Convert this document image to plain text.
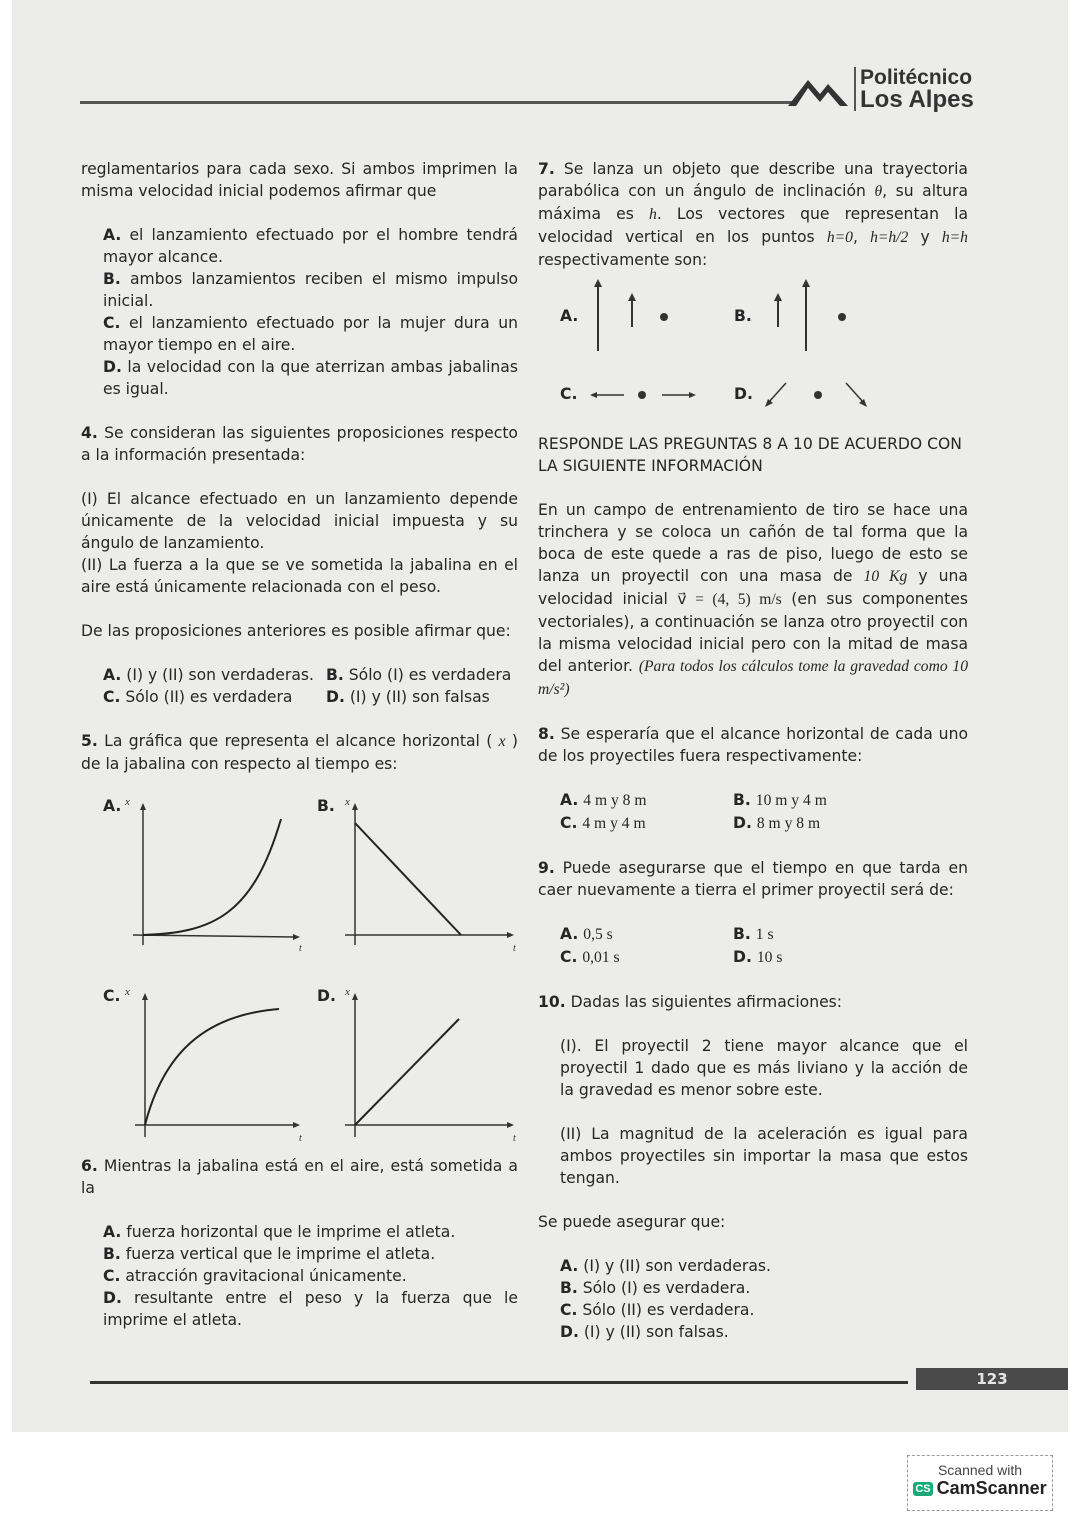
Politécnico
Los Alpes

reglamentarios para cada sexo. Si ambos imprimen la misma velocidad inicial podemos afirmar que

A. el lanzamiento efectuado por el hombre tendrá mayor alcance.

B. ambos lanzamientos reciben el mismo impulso inicial.

C. el lanzamiento efectuado por la mujer dura un mayor tiempo en el aire.

D. la velocidad con la que aterrizan ambas jabalinas es igual.

4. Se consideran las siguientes proposiciones respecto a la información presentada:

(I) El alcance efectuado en un lanzamiento depende únicamente de la velocidad inicial impuesta y su ángulo de lanzamiento.

(II) La fuerza a la que se ve sometida la jabalina en el aire está únicamente relacionada con el peso.

De las proposiciones anteriores es posible afirmar que:

A. (I) y (II) son verdaderas. B. Sólo (I) es verdadera
C. Sólo (II) es verdadera	D. (I) y (II) son falsas

5. La gráfica que representa el alcance horizontal ( x ) de la jabalina con respecto al tiempo es:

A. x
t
B. x
t
C. x
t
D. x
t

6. Mientras la jabalina está en el aire, está sometida a la

A. fuerza horizontal que le imprime el atleta.

B. fuerza vertical que le imprime el atleta.

C. atracción gravitacional únicamente.

D. resultante entre el peso y la fuerza que le imprime el atleta.

7. Se lanza un objeto que describe una trayectoria parabólica con un ángulo de inclinación θ, su altura máxima es h. Los vectores que representan la velocidad vertical en los puntos h=0, h=h/2 y h=h respectivamente son:

A.	B.
C.	D.

RESPONDE LAS PREGUNTAS 8 A 10 DE ACUERDO CON LA SIGUIENTE INFORMACIÓN

En un campo de entrenamiento de tiro se hace una trinchera y se coloca un cañón de tal forma que la boca de este quede a ras de piso, luego de esto se lanza un proyectil con una masa de 10 Kg y una velocidad inicial v⃗ = (4, 5) m/s (en sus componentes vectoriales), a continuación se lanza otro proyectil con la misma velocidad inicial pero con la mitad de masa del anterior. (Para todos los cálculos tome la gravedad como 10 m/s²)

8. Se esperaría que el alcance horizontal de cada uno de los proyectiles fuera respectivamente:

A. 4 m y 8 m	B. 10 m y 4 m
C. 4 m y 4 m	D. 8 m y 8 m

9. Puede asegurarse que el tiempo en que tarda en caer nuevamente a tierra el primer proyectil será de:

A. 0,5 s	B. 1 s
C. 0,01 s	D. 10 s

10. Dadas las siguientes afirmaciones:

(I). El proyectil 2 tiene mayor alcance que el proyectil 1 dado que es más liviano y la acción de la gravedad es menor sobre este.

(II) La magnitud de la aceleración es igual para ambos proyectiles sin importar la masa que estos tengan.

Se puede asegurar que:

A. (I) y (II) son verdaderas.

B. Sólo (I) es verdadera.

C. Sólo (II) es verdadera.

D. (I) y (II) son falsas.

123
Scanned with
CS CamScanner
